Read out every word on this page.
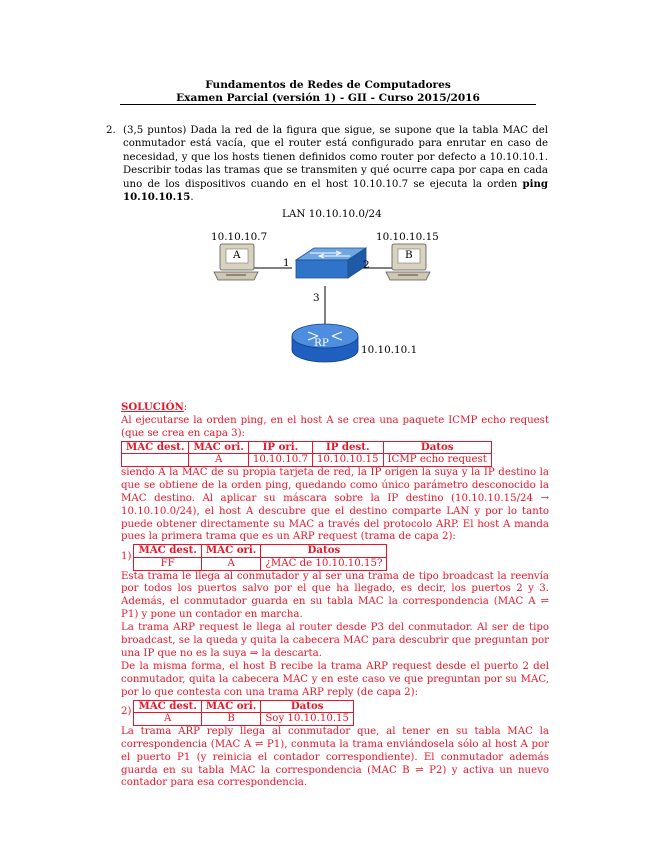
Fundamentos de Redes de Computadores
Examen Parcial (versión 1) - GII - Curso 2015/2016
2. (3,5 puntos) Dada la red de la figura que sigue, se supone que la tabla MAC del conmutador está vacía, que el router está configurado para enrutar en caso de necesidad, y que los hosts tienen definidos como router por defecto a 10.10.10.1. Describir todas las tramas que se transmiten y qué ocurre capa por capa en cada uno de los dispositivos cuando en el host 10.10.10.7 se ejecuta la orden ping 10.10.10.15.
LAN 10.10.10.0/24
10.10.10.7
A
10.10.10.15
B
1	2
3
RP
10.10.10.1
SOLUCIÓN:
Al ejecutarse la orden ping, en el host A se crea una paquete ICMP echo request (que se crea en capa 3):
MAC dest.	MAC ori.	IP ori.	IP dest.	Datos
	A	10.10.10.7	10.10.10.15	ICMP echo request
siendo A la MAC de su propia tarjeta de red, la IP origen la suya y la IP destino la que se obtiene de la orden ping, quedando como único parámetro desconocido la MAC destino. Al aplicar su máscara sobre la IP destino (10.10.10.15/24 → 10.10.10.0/24), el host A descubre que el destino comparte LAN y por lo tanto puede obtener directamente su MAC a través del protocolo ARP. El host A manda pues la primera trama que es un ARP request (trama de capa 2):
1)
MAC dest.	MAC ori.	Datos
FF	A	¿MAC de 10.10.10.15?
Esta trama le llega al conmutador y al ser una trama de tipo broadcast la reenvía por todos los puertos salvo por el que ha llegado, es decir, los puertos 2 y 3. Además, el conmutador guarda en su tabla MAC la correspondencia (MAC A ⇌ P1) y pone un contador en marcha.
La trama ARP request le llega al router desde P3 del conmutador. Al ser de tipo broadcast, se la queda y quita la cabecera MAC para descubrir que preguntan por una IP que no es la suya ⇒ la descarta.
De la misma forma, el host B recibe la trama ARP request desde el puerto 2 del conmutador, quita la cabecera MAC y en este caso ve que preguntan por su MAC, por lo que contesta con una trama ARP reply (de capa 2):
2)
MAC dest.	MAC ori.	Datos
A	B	Soy 10.10.10.15
La trama ARP reply llega al conmutador que, al tener en su tabla MAC la correspondencia (MAC A ⇌ P1), conmuta la trama enviándosela sólo al host A por el puerto P1 (y reinicia el contador correspondiente). El conmutador además guarda en su tabla MAC la correspondencia (MAC B ⇌ P2) y activa un nuevo contador para esa correspondencia.
